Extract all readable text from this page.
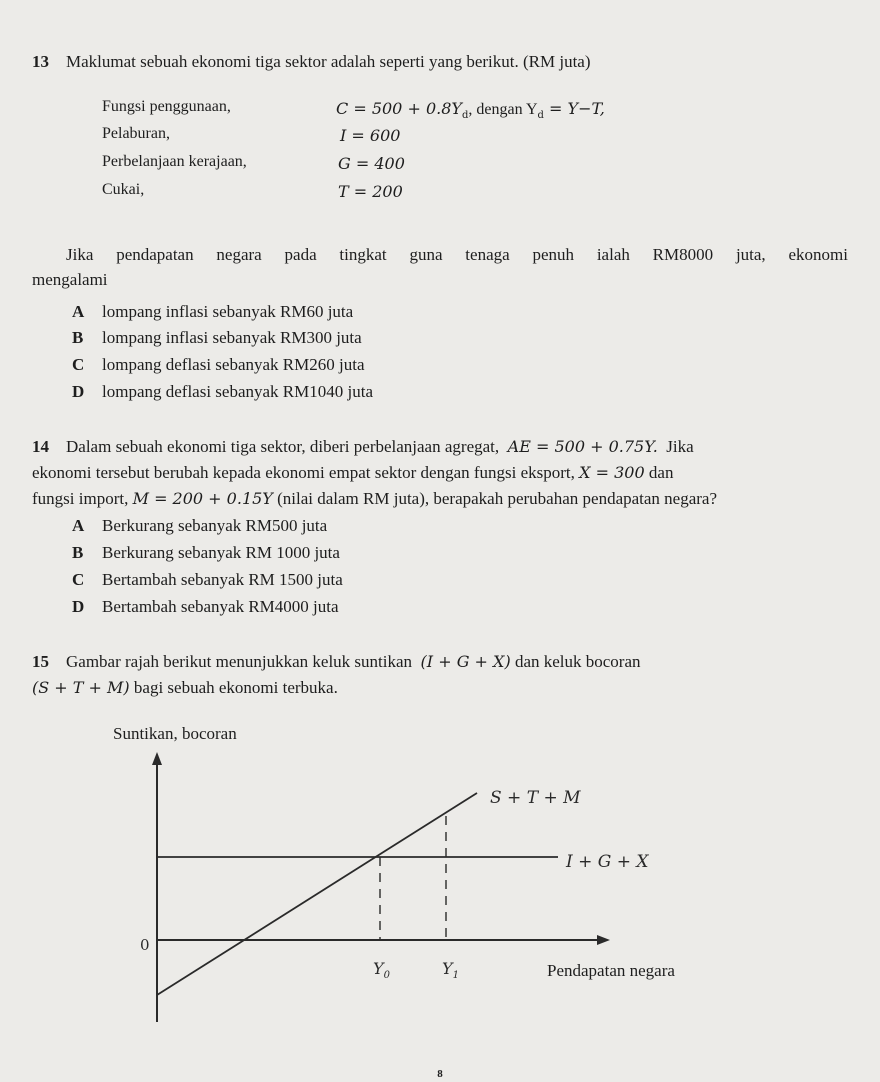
13 Maklumat sebuah ekonomi tiga sektor adalah seperti yang berikut. (RM juta)
Fungsi penggunaan,	$C = 500 + 0.8Y_d$, dengan $Y_d = Y-T$,
Pelaburan,	I = 600
Perbelanjaan kerajaan,	G = 400
Cukai,	T = 200
Jika pendapatan negara pada tingkat guna tenaga penuh ialah RM8000 juta, ekonomi
mengalami
A lompang inflasi sebanyak RM60 juta
B lompang inflasi sebanyak RM300 juta
C lompang deflasi sebanyak RM260 juta
D lompang deflasi sebanyak RM1040 juta
14 Dalam sebuah ekonomi tiga sektor, diberi perbelanjaan agregat, AE = 500 + 0.75Y. Jika
ekonomi tersebut berubah kepada ekonomi empat sektor dengan fungsi eksport, X = 300 dan
fungsi import, M = 200 + 0.15Y (nilai dalam RM juta), berapakah perubahan pendapatan negara?
A Berkurang sebanyak RM500 juta
B Berkurang sebanyak RM 1000 juta
C Bertambah sebanyak RM 1500 juta
D Bertambah sebanyak RM4000 juta
15 Gambar rajah berikut menunjukkan keluk suntikan (I + G + X) dan keluk bocoran
(S + T + M) bagi sebuah ekonomi terbuka.
Suntikan, bocoran
0
S + T + M
I + G + X
$Y_0$	$Y_1$	Pendapatan negara
8
